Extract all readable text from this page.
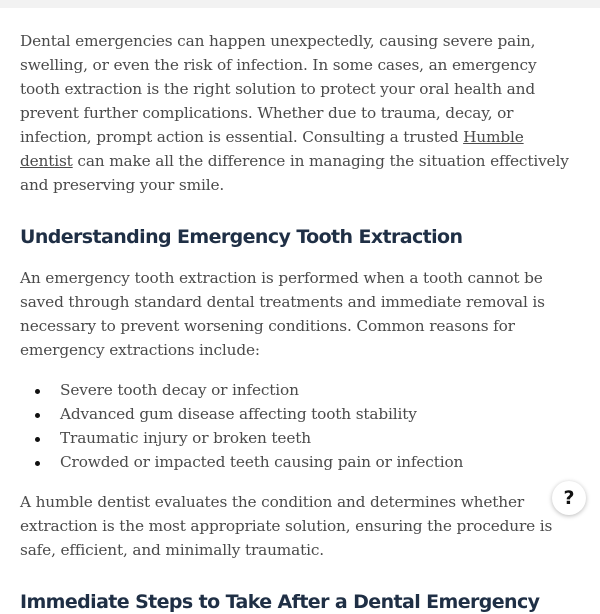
Dental emergencies can happen unexpectedly, causing severe pain, swelling, or even the risk of infection. In some cases, an emergency tooth extraction is the right solution to protect your oral health and prevent further complications. Whether due to trauma, decay, or infection, prompt action is essential. Consulting a trusted Humble dentist can make all the difference in managing the situation effectively and preserving your smile.

Understanding Emergency Tooth Extraction

An emergency tooth extraction is performed when a tooth cannot be saved through standard dental treatments and immediate removal is necessary to prevent worsening conditions. Common reasons for emergency extractions include:

Severe tooth decay or infection
Advanced gum disease affecting tooth stability
Traumatic injury or broken teeth
Crowded or impacted teeth causing pain or infection

A humble dentist evaluates the condition and determines whether extraction is the most appropriate solution, ensuring the procedure is safe, efficient, and minimally traumatic.

Immediate Steps to Take After a Dental Emergency
?
